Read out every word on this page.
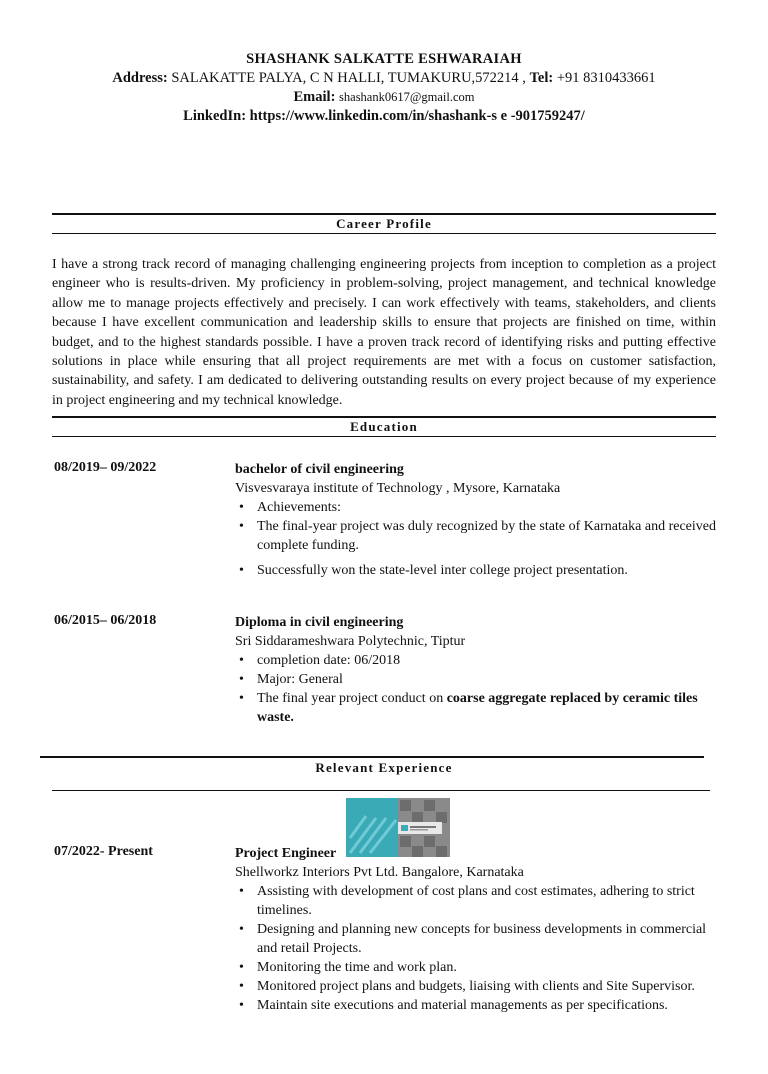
SHASHANK SALKATTE ESHWARAIAH
Address: SALAKATTE PALYA, C N HALLI, TUMAKURU,572214 , Tel: +91 8310433661
Email: shashank0617@gmail.com
LinkedIn: https://www.linkedin.com/in/shashank-s e -901759247/
Career Profile
I have a strong track record of managing challenging engineering projects from inception to completion as a project engineer who is results-driven. My proficiency in problem-solving, project management, and technical knowledge allow me to manage projects effectively and precisely. I can work effectively with teams, stakeholders, and clients because I have excellent communication and leadership skills to ensure that projects are finished on time, within budget, and to the highest standards possible. I have a proven track record of identifying risks and putting effective solutions in place while ensuring that all project requirements are met with a focus on customer satisfaction, sustainability, and safety. I am dedicated to delivering outstanding results on every project because of my experience in project engineering and my technical knowledge.
Education
08/2019– 09/2022	bachelor of civil engineering
Visvesvaraya institute of Technology , Mysore, Karnataka
• Achievements:
• The final-year project was duly recognized by the state of Karnataka and received complete funding.
• Successfully won the state-level inter college project presentation.
06/2015– 06/2018	Diploma in civil engineering
Sri Siddarameshwara Polytechnic, Tiptur
• completion date: 06/2018
• Major: General
• The final year project conduct on coarse aggregate replaced by ceramic tiles waste.
Relevant Experience
07/2022- Present	Project Engineer
Shellworkz Interiors Pvt Ltd. Bangalore, Karnataka
• Assisting with development of cost plans and cost estimates, adhering to strict timelines.
• Designing and planning new concepts for business developments in commercial and retail Projects.
• Monitoring the time and work plan.
• Monitored project plans and budgets, liaising with clients and Site Supervisor.
• Maintain site executions and material managements as per specifications.
